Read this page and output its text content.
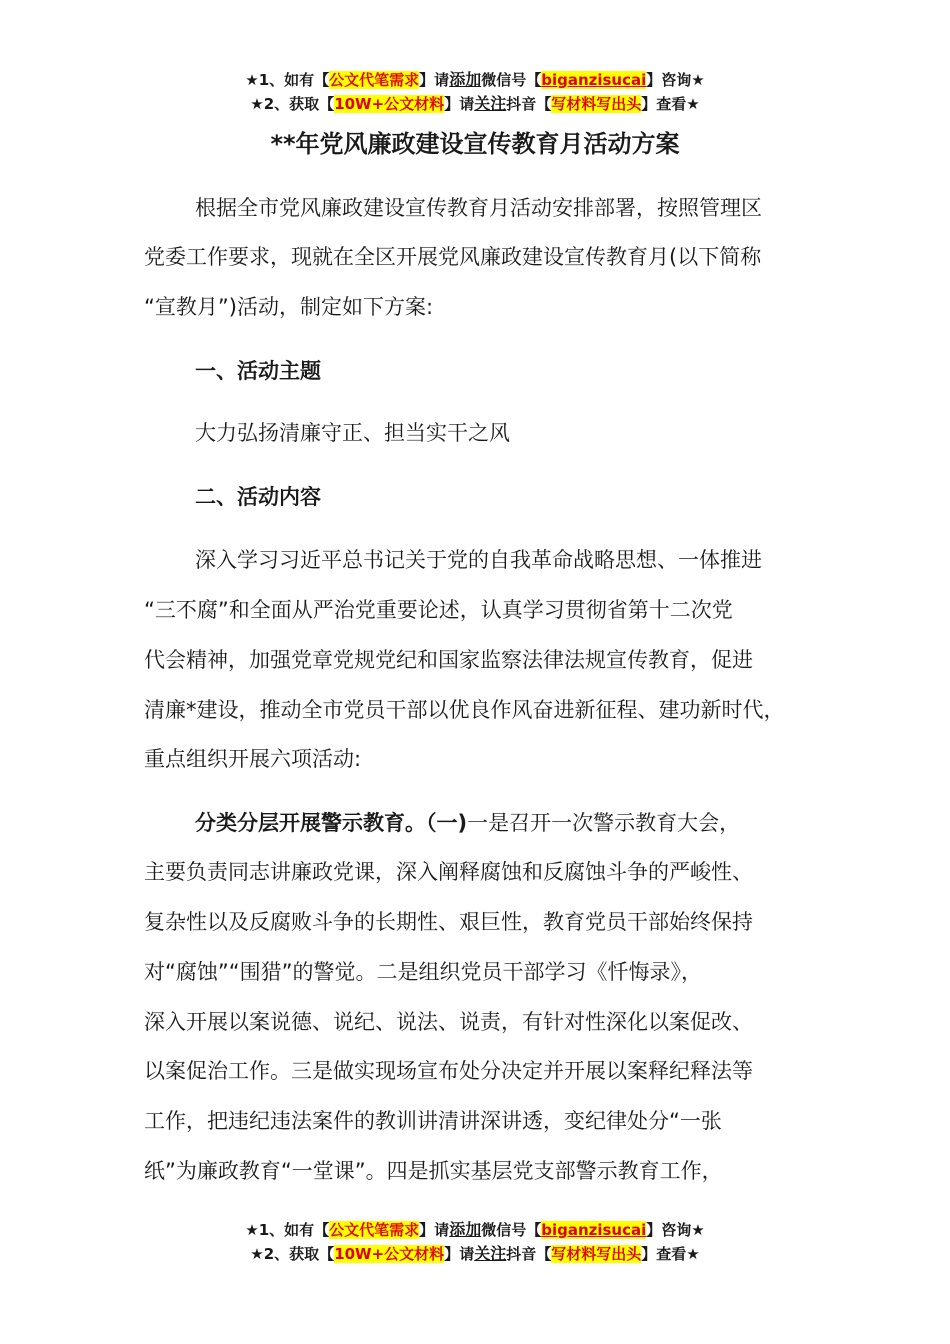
★1、如有【公文代笔需求】请添加微信号【biganzisucai】咨询★
★2、获取【10W+公文材料】请关注抖音【写材料写出头】查看★
**年党风廉政建设宣传教育月活动方案
根据全市党风廉政建设宣传教育月活动安排部署，按照管理区
党委工作要求，现就在全区开展党风廉政建设宣传教育月(以下简称
“宣教月”)活动，制定如下方案:
一、活动主题
大力弘扬清廉守正、担当实干之风
二、活动内容
深入学习习近平总书记关于党的自我革命战略思想、一体推进
“三不腐”和全面从严治党重要论述，认真学习贯彻省第十二次党
代会精神，加强党章党规党纪和国家监察法律法规宣传教育，促进
清廉*建设，推动全市党员干部以优良作风奋进新征程、建功新时代，
重点组织开展六项活动:
分类分层开展警示教育。（一)一是召开一次警示教育大会，
主要负责同志讲廉政党课，深入阐释腐蚀和反腐蚀斗争的严峻性、
复杂性以及反腐败斗争的长期性、艰巨性，教育党员干部始终保持
对“腐蚀”“围猎”的警觉。二是组织党员干部学习《忏悔录》，
深入开展以案说德、说纪、说法、说责，有针对性深化以案促改、
以案促治工作。三是做实现场宣布处分决定并开展以案释纪释法等
工作，把违纪违法案件的教训讲清讲深讲透，变纪律处分“一张
纸”为廉政教育“一堂课”。四是抓实基层党支部警示教育工作，
★1、如有【公文代笔需求】请添加微信号【biganzisucai】咨询★
★2、获取【10W+公文材料】请关注抖音【写材料写出头】查看★
